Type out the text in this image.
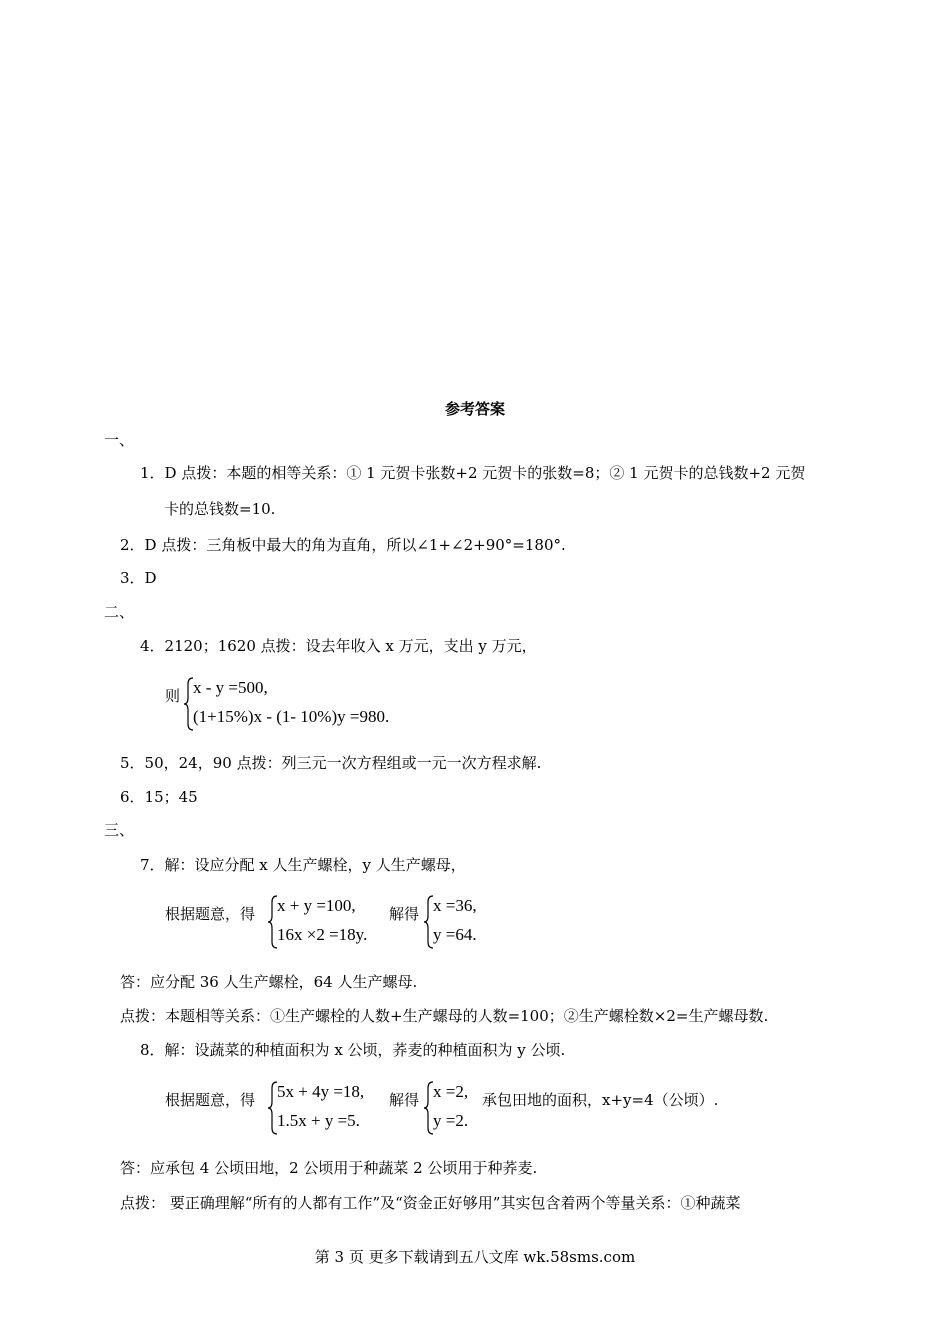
参考答案
一、
1．D 点拨：本题的相等关系：① 1 元贺卡张数+2 元贺卡的张数=8；② 1 元贺卡的总钱数+2 元贺
卡的总钱数=10.
2．D 点拨：三角板中最大的角为直角，所以∠1+∠2+90°=180°.
3．D
二、
4．2120；1620 点拨：设去年收入 x 万元，支出 y 万元，
则 x - y =500,
(1+15%)x - (1- 10%)y =980.
5．50，24，90 点拨：列三元一次方程组或一元一次方程求解.
6．15；45
三、
7．解：设应分配 x 人生产螺栓，y 人生产螺母，
根据题意，得 x + y =100,
16x ×2 =18y.
解得 x =36,
y =64.
答：应分配 36 人生产螺栓，64 人生产螺母.
点拨：本题相等关系：①生产螺栓的人数+生产螺母的人数=100；②生产螺栓数×2=生产螺母数.
8．解：设蔬菜的种植面积为 x 公顷，荞麦的种植面积为 y 公顷.
根据题意，得 5x + 4y =18,
1.5x + y =5.
解得 x =2,
y =2.
承包田地的面积，x+y=4（公顷）.
答：应承包 4 公顷田地，2 公顷用于种蔬菜 2 公顷用于种荞麦.
点拨： 要正确理解“所有的人都有工作”及“资金正好够用”其实包含着两个等量关系：①种蔬菜
第 3 页 更多下载请到五八文库 wk.58sms.com
